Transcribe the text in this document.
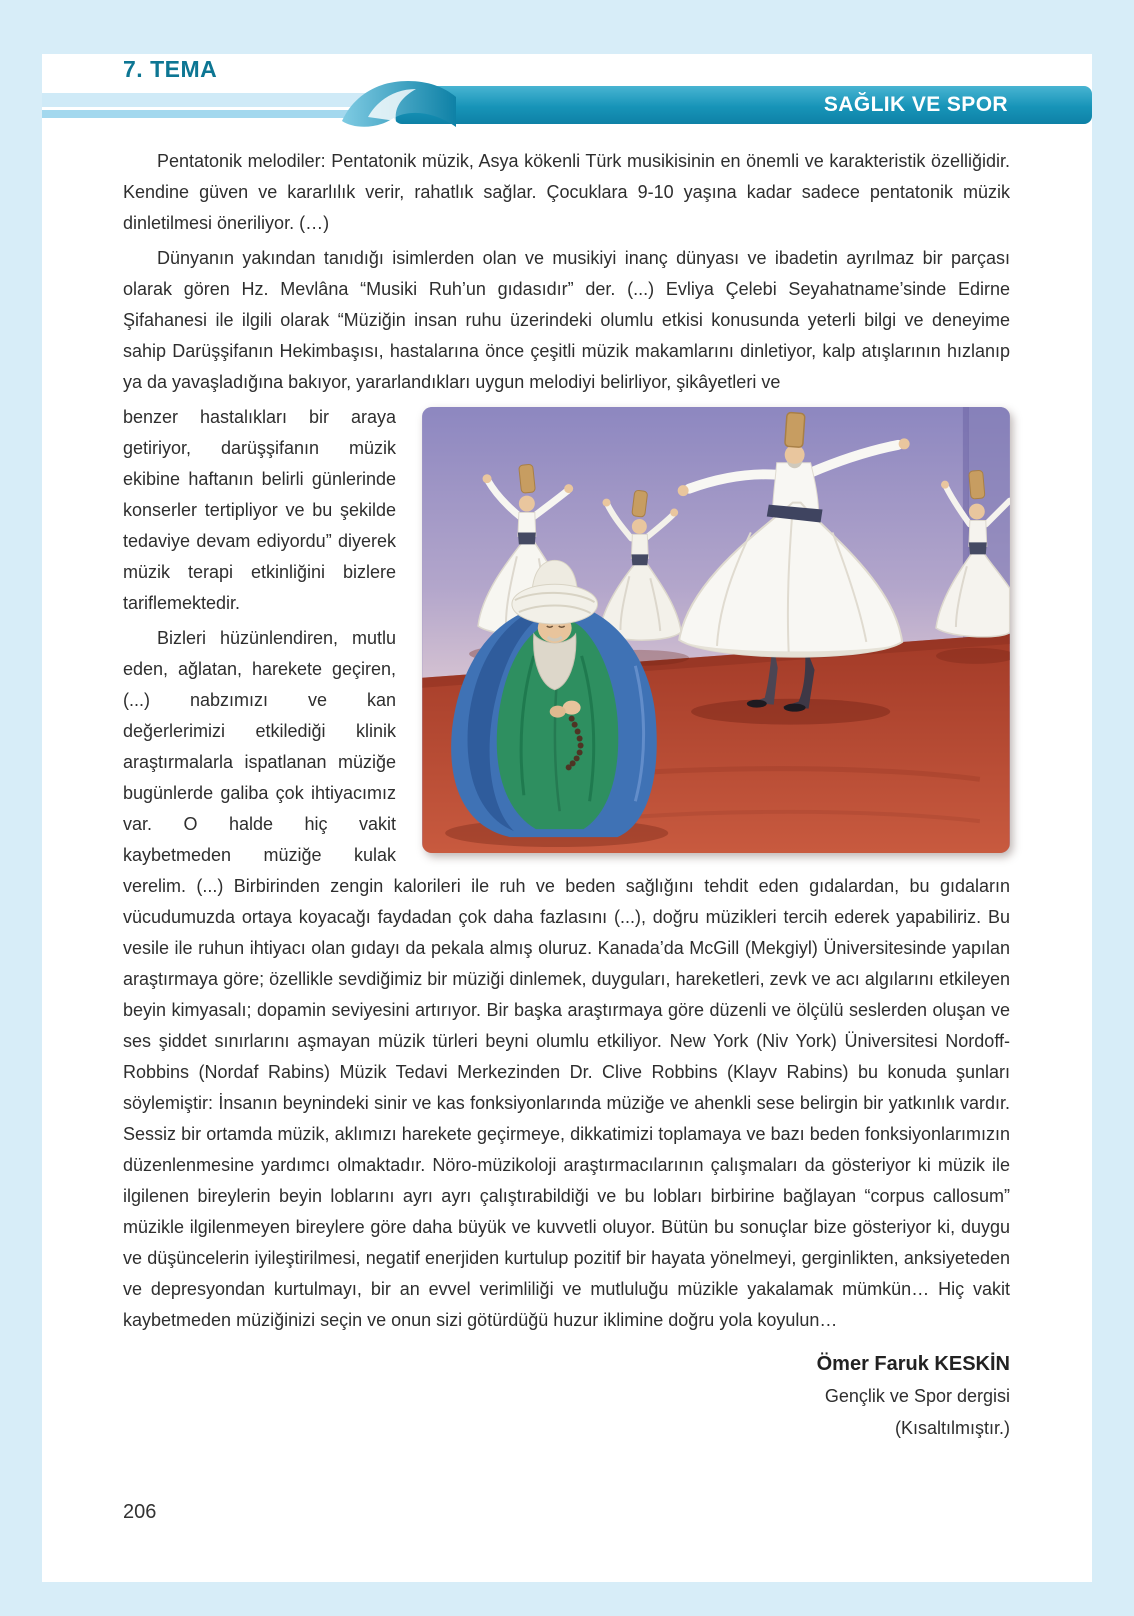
7. TEMA
SAĞLIK VE SPOR

Pentatonik melodiler: Pentatonik müzik, Asya kökenli Türk musikisinin en önemli ve karakteristik özelliğidir. Kendine güven ve kararlılık verir, rahatlık sağlar. Çocuklara 9-10 yaşına kadar sadece pentatonik müzik dinletilmesi öneriliyor. (…)

Dünyanın yakından tanıdığı isimlerden olan ve musikiyi inanç dünyası ve ibadetin ayrılmaz bir parçası olarak gören Hz. Mevlâna “Musiki Ruh’un gıdasıdır” der. (...) Evliya Çelebi Seyahatname’sinde Edirne Şifahanesi ile ilgili olarak “Müziğin insan ruhu üzerindeki olumlu etkisi konusunda yeterli bilgi ve deneyime sahip Darüşşifanın Hekimbaşısı, hastalarına önce çeşitli müzik makamlarını dinletiyor, kalp atışlarının hızlanıp ya da yavaşladığına bakıyor, yararlandıkları uygun melodiyi belirliyor, şikâyetleri ve

benzer hastalıkları bir araya getiriyor, darüşşifanın müzik ekibine haftanın belirli günlerinde konserler tertipliyor ve bu şekilde tedaviye devam ediyordu” diyerek müzik terapi etkinliğini bizlere tariflemektedir.

Bizleri hüzünlendiren, mutlu eden, ağlatan, harekete geçiren, (...) nabzımızı ve kan değerlerimizi etkilediği klinik araştırmalarla ispatlanan müziğe bugünlerde galiba çok ihtiyacımız var. O halde hiç vakit kaybetmeden müziğe kulak verelim. (...) Birbirinden zengin kalorileri ile ruh ve beden sağlığını tehdit eden gıdalardan, bu gıdaların vücudumuzda ortaya koyacağı faydadan çok daha fazlasını (...), doğru müzikleri tercih ederek yapabiliriz. Bu vesile ile ruhun ihtiyacı olan gıdayı da pekala almış oluruz. Kanada’da McGill (Mekgiyl) Üniversitesinde yapılan araştırmaya göre; özellikle sevdiğimiz bir müziği dinlemek, duyguları, hareketleri, zevk ve acı algılarını etkileyen beyin kimyasalı; dopamin seviyesini artırıyor. Bir başka araştırmaya göre düzenli ve ölçülü seslerden oluşan ve ses şiddet sınırlarını aşmayan müzik türleri beyni olumlu etkiliyor. New York (Niv York) Üniversitesi Nordoff-Robbins (Nordaf Rabins) Müzik Tedavi Merkezinden Dr. Clive Robbins (Klayv Rabins) bu konuda şunları söylemiştir: İnsanın beynindeki sinir ve kas fonksiyonlarında müziğe ve ahenkli sese belirgin bir yatkınlık vardır. Sessiz bir ortamda müzik, aklımızı harekete geçirmeye, dikkatimizi toplamaya ve bazı beden fonksiyonlarımızın düzenlenmesine yardımcı olmaktadır. Nöro-müzikoloji araştırmacılarının çalışmaları da gösteriyor ki müzik ile ilgilenen bireylerin beyin loblarını ayrı ayrı çalıştırabildiği ve bu lobları birbirine bağlayan “corpus callosum” müzikle ilgilenmeyen bireylere göre daha büyük ve kuvvetli oluyor. Bütün bu sonuçlar bize gösteriyor ki, duygu ve düşüncelerin iyileştirilmesi, negatif enerjiden kurtulup pozitif bir hayata yönelmeyi, gerginlikten, anksiyeteden ve depresyondan kurtulmayı, bir an evvel verimliliği ve mutluluğu müzikle yakalamak mümkün… Hiç vakit kaybetmeden müziğinizi seçin ve onun sizi götürdüğü huzur iklimine doğru yola koyulun…

Ömer Faruk KESKİN
Gençlik ve Spor dergisi
(Kısaltılmıştır.)
206
